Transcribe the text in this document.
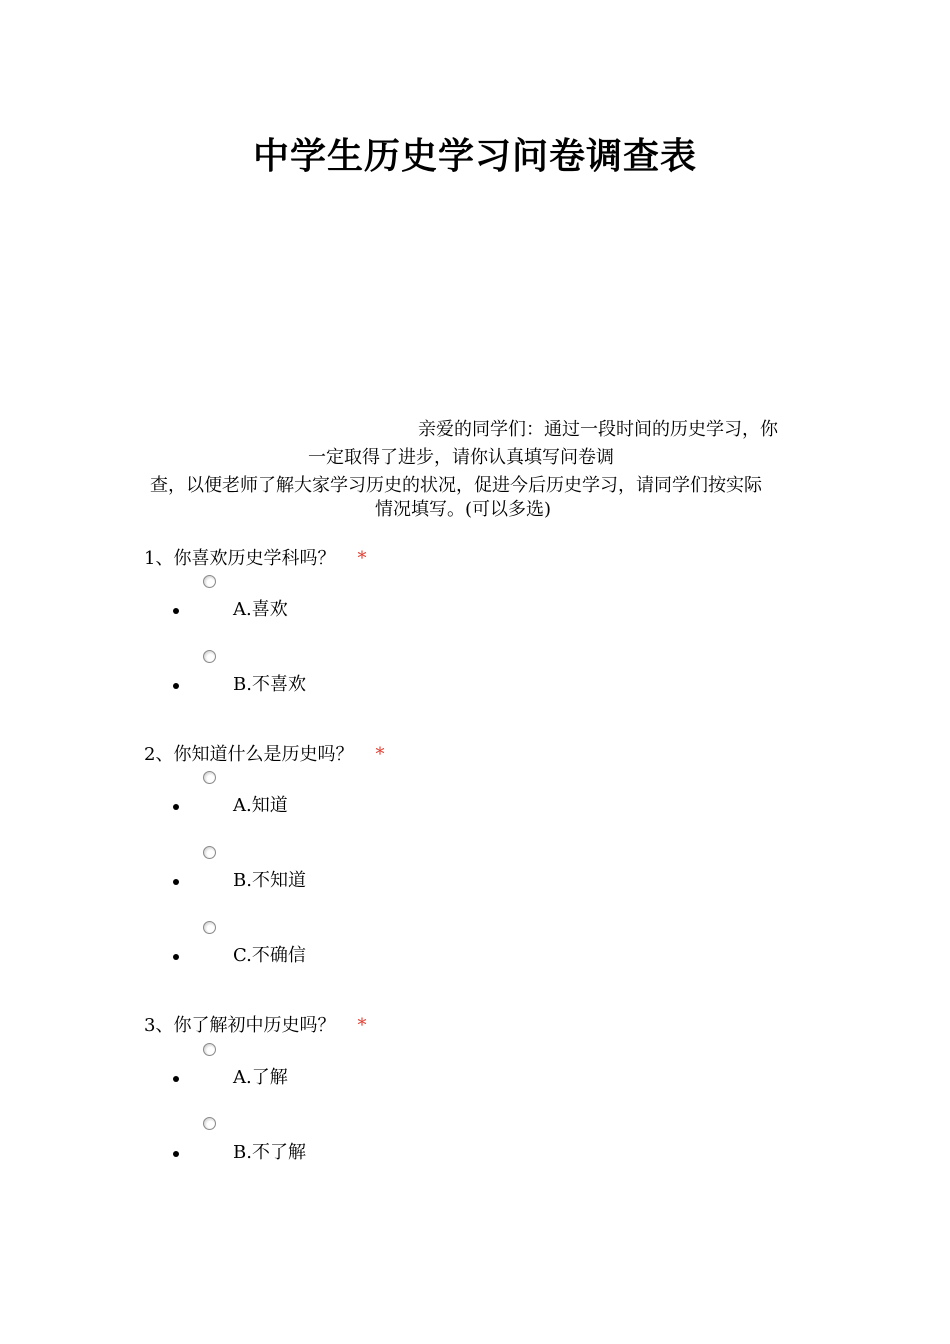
中学生历史学习问卷调查表
亲爱的同学们：通过一段时间的历史学习，你
一定取得了进步，请你认真填写问卷调
查，以便老师了解大家学习历史的状况，促进今后历史学习，请同学们按实际
情况填写。(可以多选)
1、你喜欢历史学科吗？ *
A.喜欢
B.不喜欢
2、你知道什么是历史吗？ *
A.知道
B.不知道
C.不确信
3、你了解初中历史吗？ *
A.了解
B.不了解
